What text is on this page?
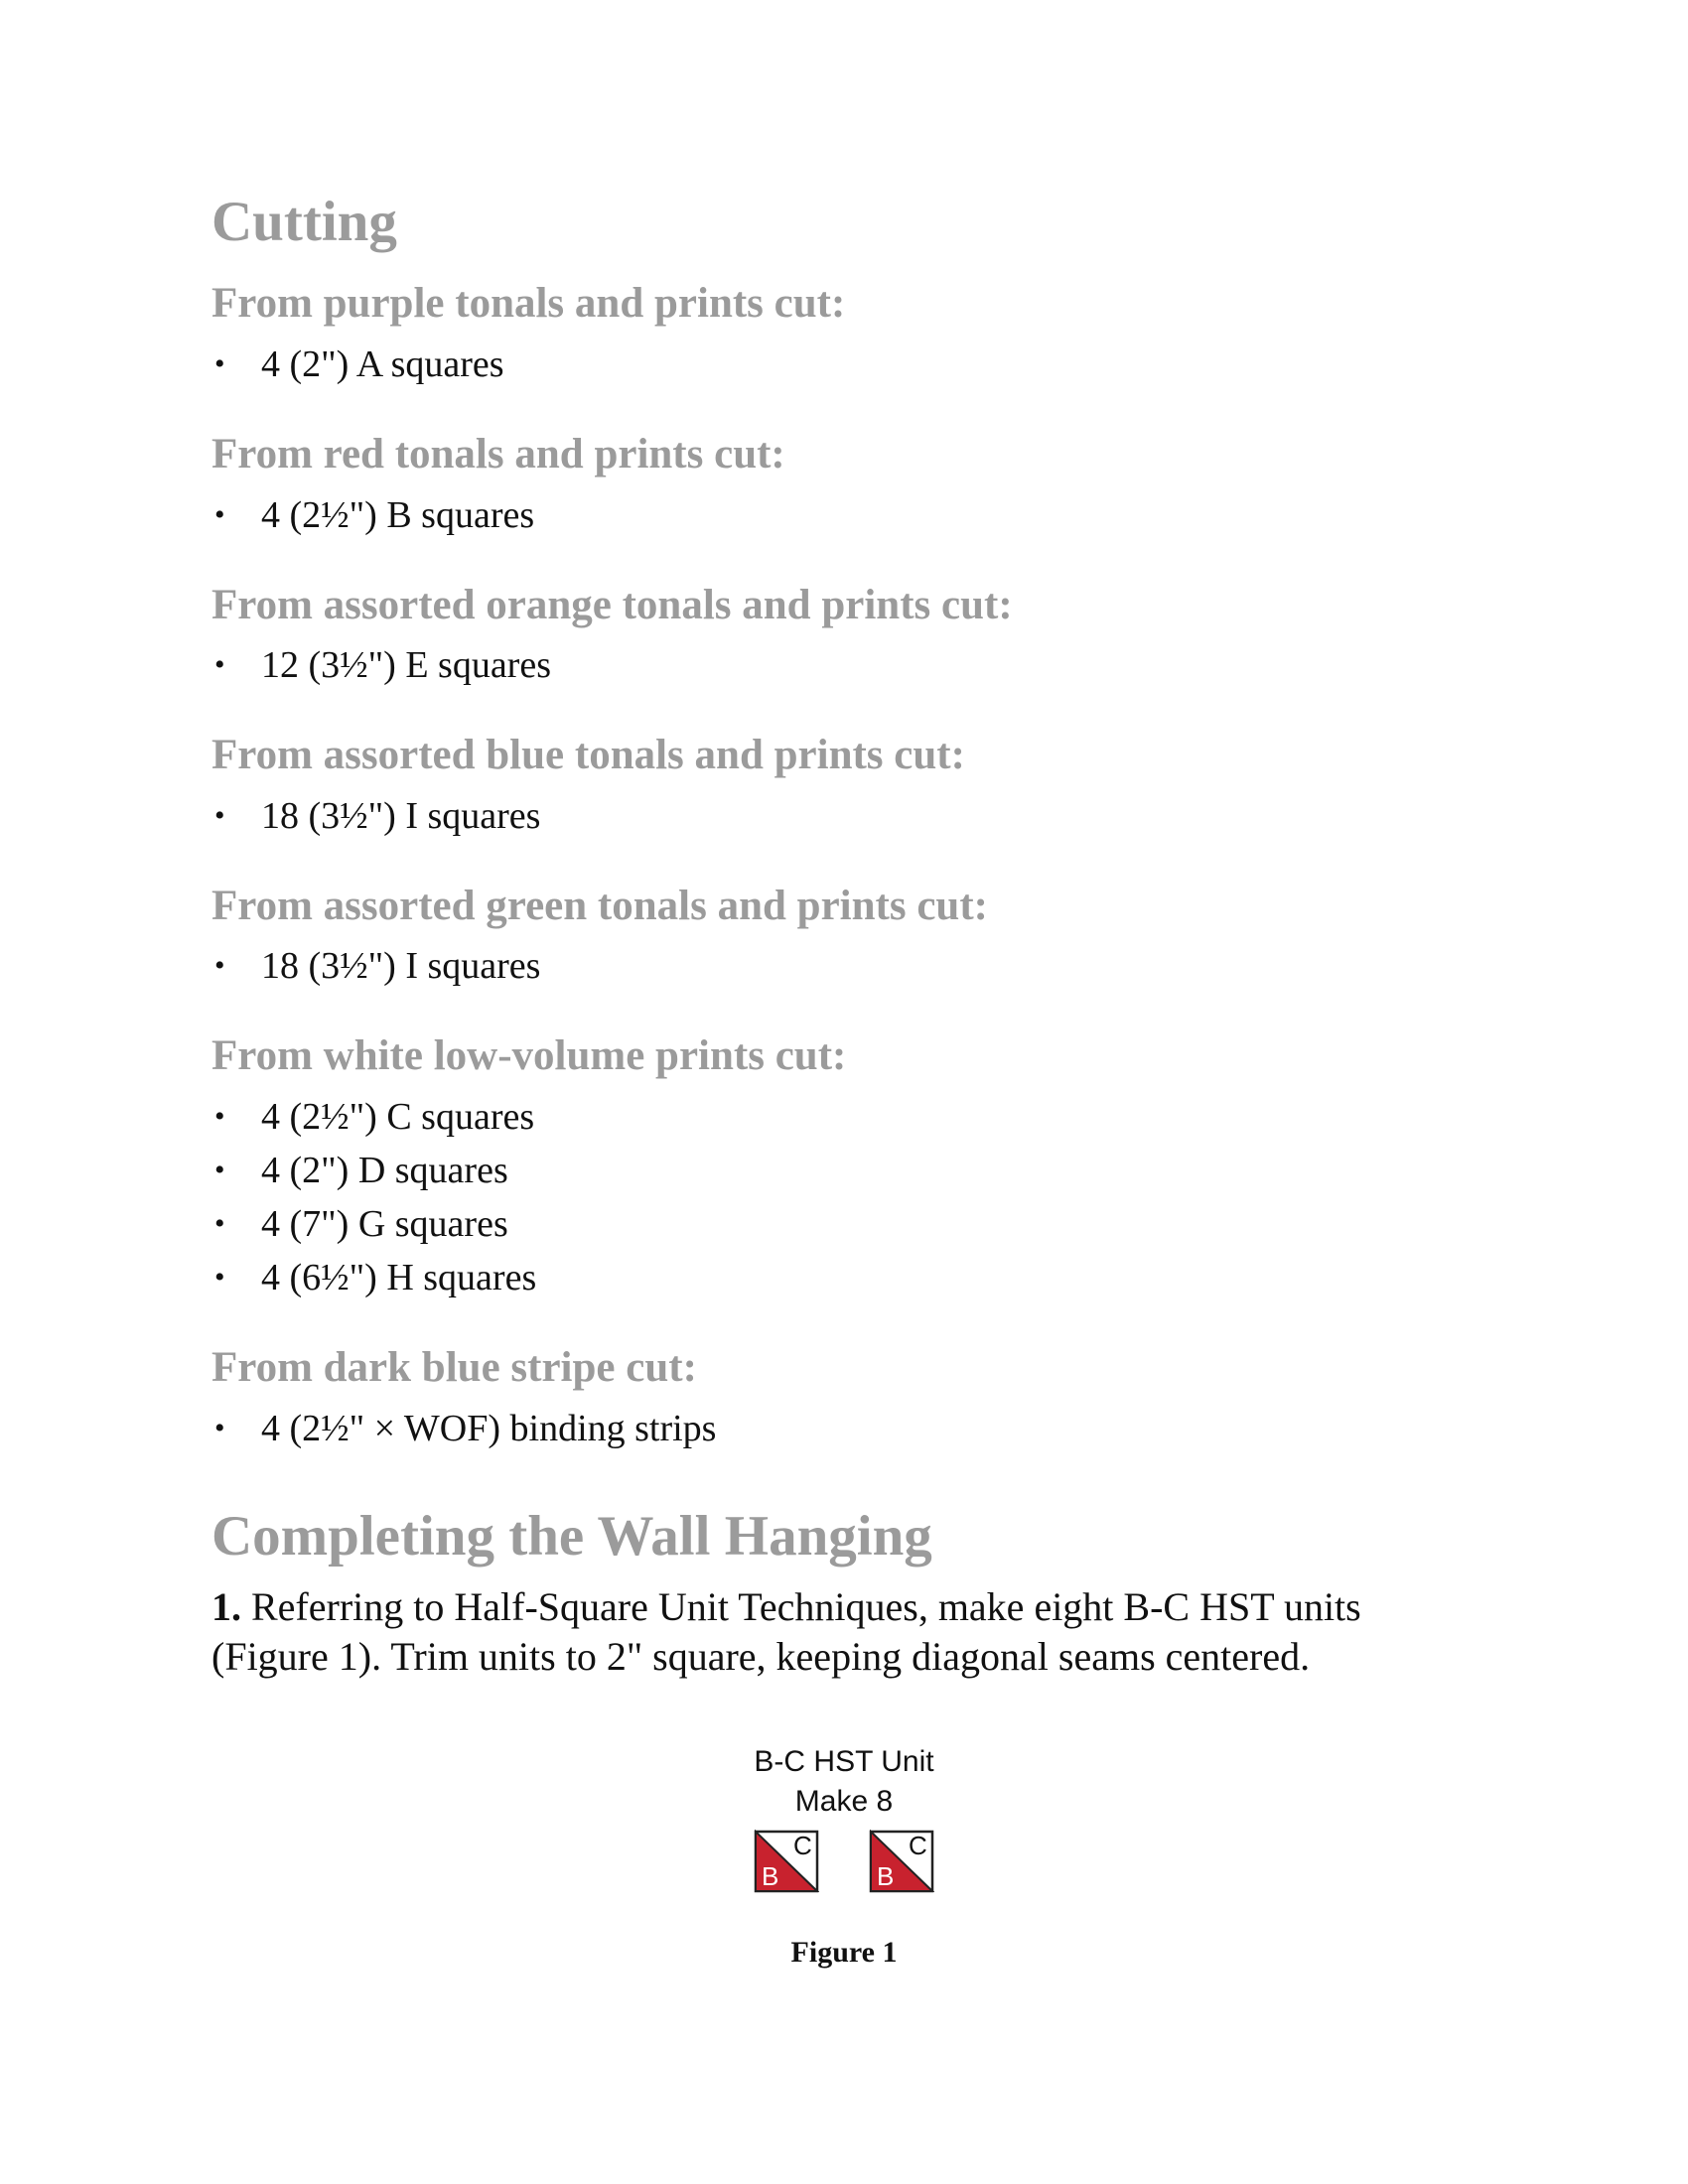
Cutting
From purple tonals and prints cut:
• 4 (2") A squares
From red tonals and prints cut:
• 4 (2½") B squares
From assorted orange tonals and prints cut:
• 12 (3½") E squares
From assorted blue tonals and prints cut:
• 18 (3½") I squares
From assorted green tonals and prints cut:
• 18 (3½") I squares
From white low-volume prints cut:
• 4 (2½") C squares
• 4 (2") D squares
• 4 (7") G squares
• 4 (6½") H squares
From dark blue stripe cut:
• 4 (2½" × WOF) binding strips
Completing the Wall Hanging

1. Referring to Half-Square Unit Techniques, make eight B-C HST units (Figure 1). Trim units to 2" square, keeping diagonal seams centered.

B-C HST Unit
Make 8
B
C
B
C
Figure 1
